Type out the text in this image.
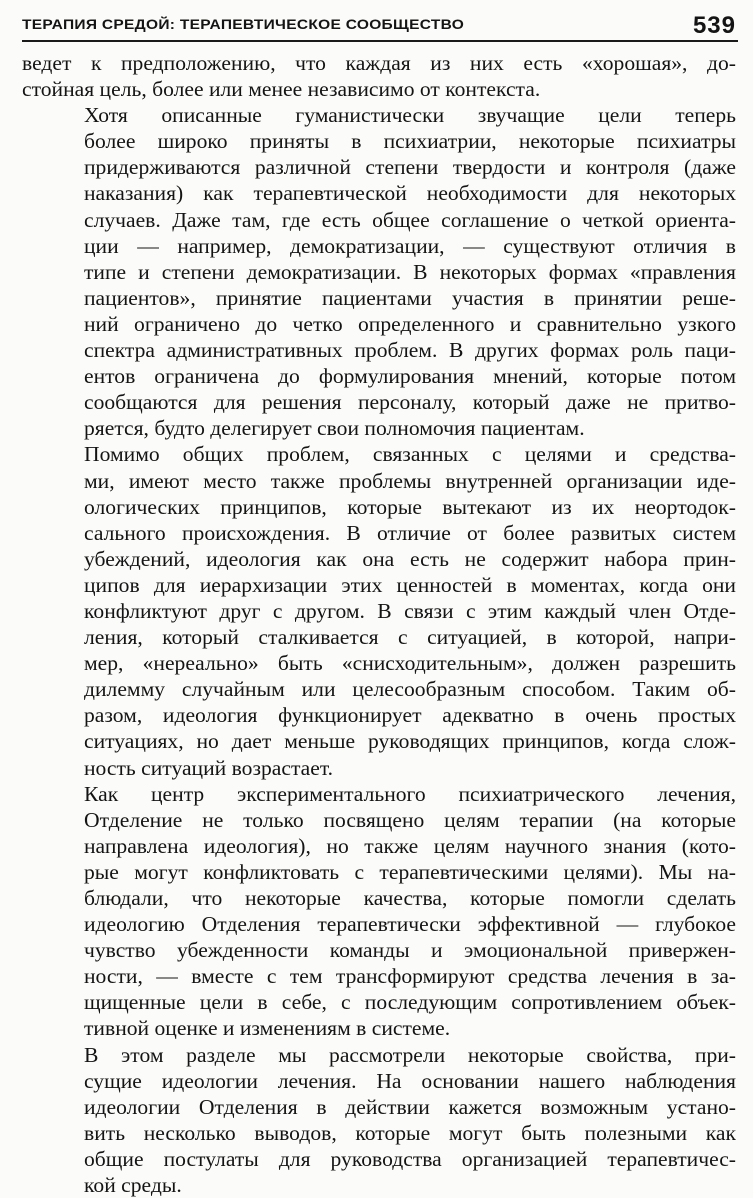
ТЕРАПИЯ СРЕДОЙ: ТЕРАПЕВТИЧЕСКОЕ СООБЩЕСТВО	539

ведет к предположению, что каждая из них есть «хорошая», до-
стойная цель, более или менее независимо от контекста.

Хотя описанные гуманистически звучащие цели теперь
более широко приняты в психиатрии, некоторые психиатры
придерживаются различной степени твердости и контроля (даже
наказания) как терапевтической необходимости для некоторых
случаев. Даже там, где есть общее соглашение о четкой ориента-
ции — например, демократизации, — существуют отличия в
типе и степени демократизации. В некоторых формах «правления
пациентов», принятие пациентами участия в принятии реше-
ний ограничено до четко определенного и сравнительно узкого
спектра административных проблем. В других формах роль паци-
ентов ограничена до формулирования мнений, которые потом
сообщаются для решения персоналу, который даже не притво-
ряется, будто делегирует свои полномочия пациентам.

Помимо общих проблем, связанных с целями и средства-
ми, имеют место также проблемы внутренней организации иде-
ологических принципов, которые вытекают из их неортодок-
сального происхождения. В отличие от более развитых систем
убеждений, идеология как она есть не содержит набора прин-
ципов для иерархизации этих ценностей в моментах, когда они
конфликтуют друг с другом. В связи с этим каждый член Отде-
ления, который сталкивается с ситуацией, в которой, напри-
мер, «нереально» быть «снисходительным», должен разрешить
дилемму случайным или целесообразным способом. Таким об-
разом, идеология функционирует адекватно в очень простых
ситуациях, но дает меньше руководящих принципов, когда слож-
ность ситуаций возрастает.

Как центр экспериментального психиатрического лечения,
Отделение не только посвящено целям терапии (на которые
направлена идеология), но также целям научного знания (кото-
рые могут конфликтовать с терапевтическими целями). Мы на-
блюдали, что некоторые качества, которые помогли сделать
идеологию Отделения терапевтически эффективной — глубокое
чувство убежденности команды и эмоциональной привержен-
ности, — вместе с тем трансформируют средства лечения в за-
щищенные цели в себе, с последующим сопротивлением объек-
тивной оценке и изменениям в системе.

В этом разделе мы рассмотрели некоторые свойства, при-
сущие идеологии лечения. На основании нашего наблюдения
идеологии Отделения в действии кажется возможным устано-
вить несколько выводов, которые могут быть полезными как
общие постулаты для руководства организацией терапевтичес-
кой среды.
